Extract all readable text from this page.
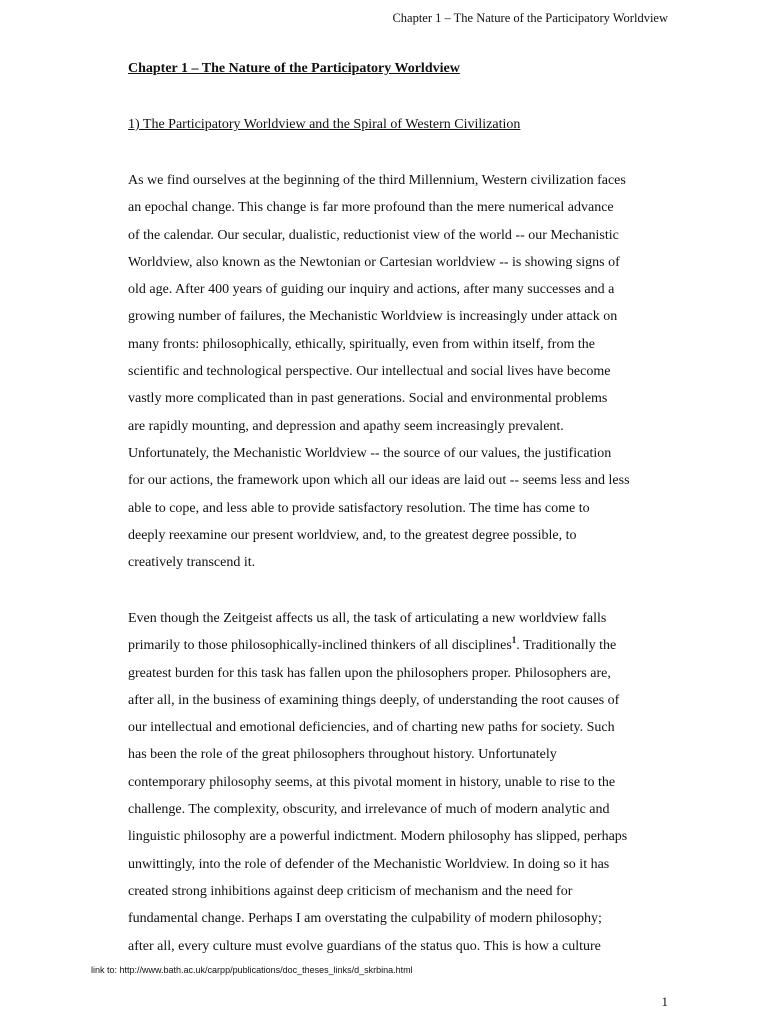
Chapter 1 – The Nature of the Participatory Worldview
Chapter 1 – The Nature of the Participatory Worldview
1) The Participatory Worldview and the Spiral of Western Civilization
As we find ourselves at the beginning of the third Millennium, Western civilization faces
an epochal change. This change is far more profound than the mere numerical advance
of the calendar. Our secular, dualistic, reductionist view of the world -- our Mechanistic
Worldview, also known as the Newtonian or Cartesian worldview -- is showing signs of
old age. After 400 years of guiding our inquiry and actions, after many successes and a
growing number of failures, the Mechanistic Worldview is increasingly under attack on
many fronts: philosophically, ethically, spiritually, even from within itself, from the
scientific and technological perspective. Our intellectual and social lives have become
vastly more complicated than in past generations. Social and environmental problems
are rapidly mounting, and depression and apathy seem increasingly prevalent.
Unfortunately, the Mechanistic Worldview -- the source of our values, the justification
for our actions, the framework upon which all our ideas are laid out -- seems less and less
able to cope, and less able to provide satisfactory resolution. The time has come to
deeply reexamine our present worldview, and, to the greatest degree possible, to
creatively transcend it.
Even though the Zeitgeist affects us all, the task of articulating a new worldview falls
primarily to those philosophically-inclined thinkers of all disciplines$^1$. Traditionally the
greatest burden for this task has fallen upon the philosophers proper. Philosophers are,
after all, in the business of examining things deeply, of understanding the root causes of
our intellectual and emotional deficiencies, and of charting new paths for society. Such
has been the role of the great philosophers throughout history. Unfortunately
contemporary philosophy seems, at this pivotal moment in history, unable to rise to the
challenge. The complexity, obscurity, and irrelevance of much of modern analytic and
linguistic philosophy are a powerful indictment. Modern philosophy has slipped, perhaps
unwittingly, into the role of defender of the Mechanistic Worldview. In doing so it has
created strong inhibitions against deep criticism of mechanism and the need for
fundamental change. Perhaps I am overstating the culpability of modern philosophy;
after all, every culture must evolve guardians of the status quo. This is how a culture
link to: http://www.bath.ac.uk/carpp/publications/doc_theses_links/d_skrbina.html
1
